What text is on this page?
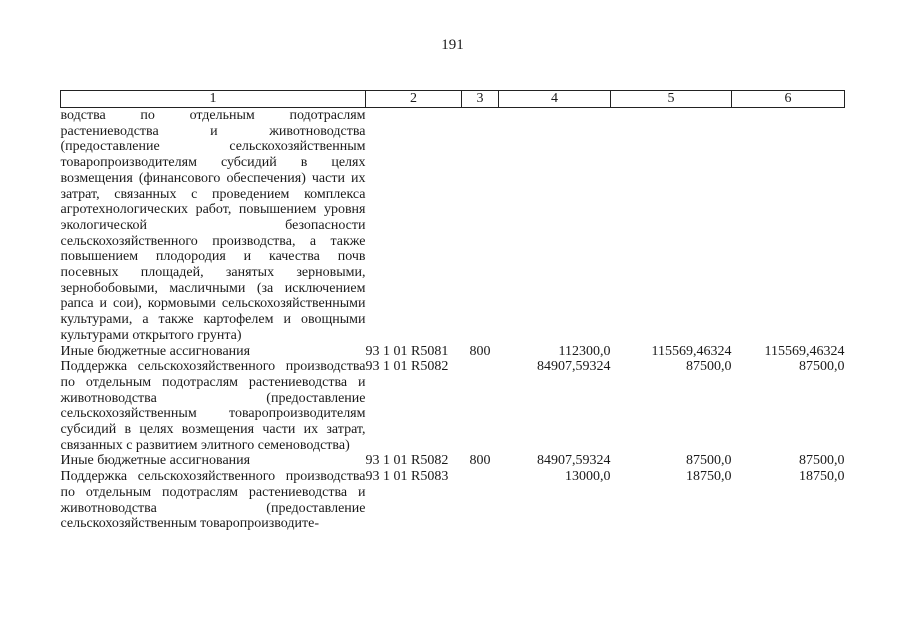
191
1	2	3	4	5	6
водства по отдельным подотраслям растениеводства и животноводства (предоставление сельскохозяйственным товаропроизводителям субсидий в целях возмещения (финансового обеспечения) части их затрат, связанных с проведением комплекса агротехнологических работ, повышением уровня экологической безопасности сельскохозяйственного производства, а также повышением плодородия и качества почв посевных площадей, занятых зерновыми, зернобобовыми, масличными (за исключением рапса и сои), кормовыми сельскохозяйственными культурами, а также картофелем и овощными культурами открытого грунта)					
Иные бюджетные ассигнования	93 1 01 R5081	800	112300,0	115569,46324	115569,46324
Поддержка сельскохозяйственного производства по отдельным подотраслям растениеводства и животноводства (предоставление сельскохозяйственным товаропроизводителям субсидий в целях возмещения части их затрат, связанных с развитием элитного семеноводства)	93 1 01 R5082		84907,59324	87500,0	87500,0
Иные бюджетные ассигнования	93 1 01 R5082	800	84907,59324	87500,0	87500,0
Поддержка сельскохозяйственного производства по отдельным подотраслям растениеводства и животноводства (предоставление сельскохозяйственным товаропроизводите-	93 1 01 R5083		13000,0	18750,0	18750,0
